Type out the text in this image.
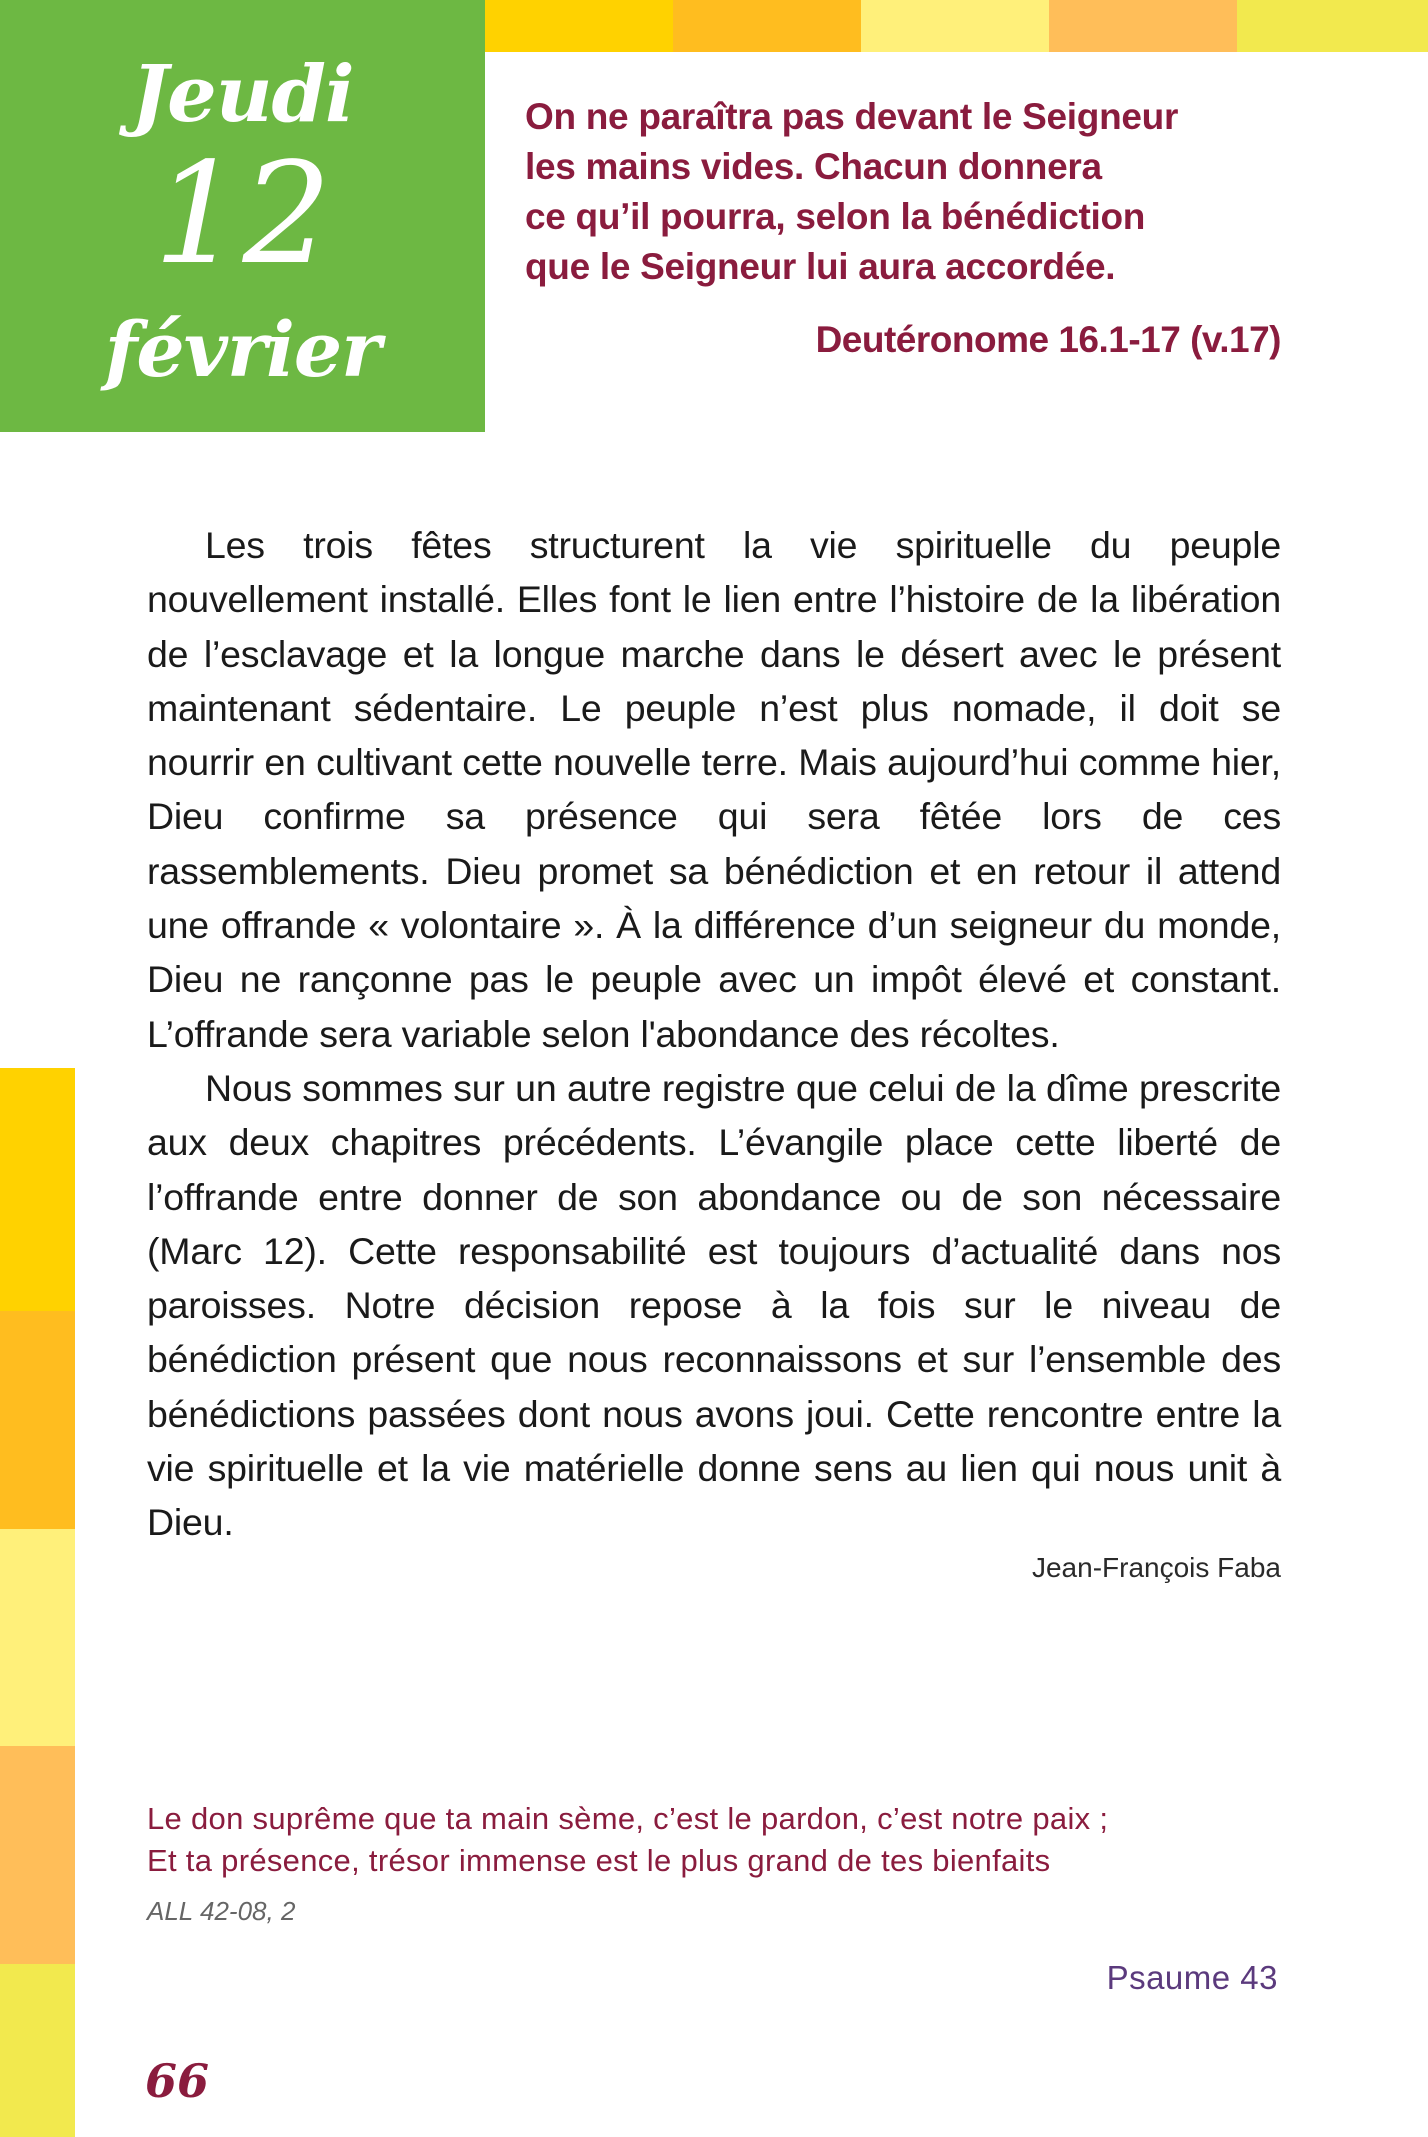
Jeudi
12
février
On ne paraîtra pas devant le Seigneur
les mains vides. Chacun donnera
ce qu’il pourra, selon la bénédiction
que le Seigneur lui aura accordée.
Deutéronome 16.1-17 (v.17)

Les trois fêtes structurent la vie spirituelle du peuple nouvellement installé. Elles font le lien entre l’histoire de la libération de l’esclavage et la longue marche dans le désert avec le présent maintenant sédentaire. Le peuple n’est plus nomade, il doit se nourrir en cultivant cette nouvelle terre. Mais aujourd’hui comme hier, Dieu confirme sa présence qui sera fêtée lors de ces rassemblements. Dieu promet sa bénédiction et en retour il attend une offrande « volontaire ». À la différence d’un seigneur du monde, Dieu ne rançonne pas le peuple avec un impôt élevé et constant. L’offrande sera variable selon l'abondance des récoltes.

Nous sommes sur un autre registre que celui de la dîme prescrite aux deux chapitres précédents. L’évangile place cette liberté de l’offrande entre donner de son abondance ou de son nécessaire (Marc 12). Cette responsabilité est toujours d’actualité dans nos paroisses. Notre décision repose à la fois sur le niveau de bénédiction présent que nous reconnaissons et sur l’ensemble des bénédictions passées dont nous avons joui. Cette rencontre entre la vie spirituelle et la vie matérielle donne sens au lien qui nous unit à Dieu.

Jean-François Faba
Le don suprême que ta main sème, c’est le pardon, c’est notre paix ;
Et ta présence, trésor immense est le plus grand de tes bienfaits
ALL 42-08, 2
Psaume 43
66
